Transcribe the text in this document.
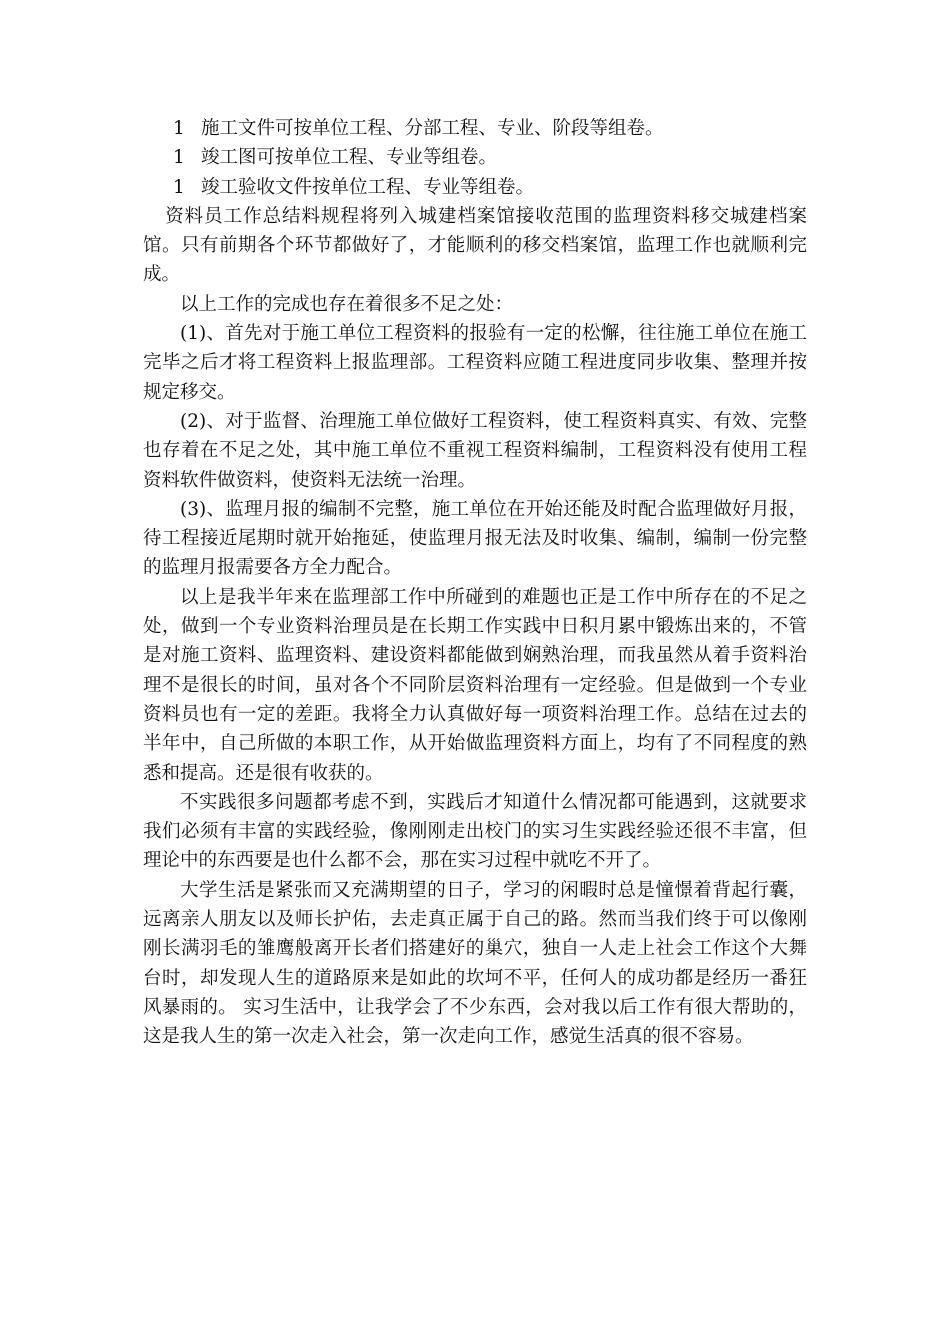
1 施工文件可按单位工程、分部工程、专业、阶段等组卷。

1 竣工图可按单位工程、专业等组卷。

1 竣工验收文件按单位工程、专业等组卷。

资料员工作总结料规程将列入城建档案馆接收范围的监理资料移交城建档案馆。只有前期各个环节都做好了，才能顺利的移交档案馆，监理工作也就顺利完成。

以上工作的完成也存在着很多不足之处：

(1)、首先对于施工单位工程资料的报验有一定的松懈，往往施工单位在施工完毕之后才将工程资料上报监理部。工程资料应随工程进度同步收集、整理并按规定移交。

(2)、对于监督、治理施工单位做好工程资料，使工程资料真实、有效、完整也存着在不足之处，其中施工单位不重视工程资料编制，工程资料没有使用工程资料软件做资料，使资料无法统一治理。

(3)、监理月报的编制不完整，施工单位在开始还能及时配合监理做好月报，待工程接近尾期时就开始拖延，使监理月报无法及时收集、编制，编制一份完整的监理月报需要各方全力配合。

以上是我半年来在监理部工作中所碰到的难题也正是工作中所存在的不足之处，做到一个专业资料治理员是在长期工作实践中日积月累中锻炼出来的，不管是对施工资料、监理资料、建设资料都能做到娴熟治理，而我虽然从着手资料治理不是很长的时间，虽对各个不同阶层资料治理有一定经验。但是做到一个专业资料员也有一定的差距。我将全力认真做好每一项资料治理工作。总结在过去的半年中，自己所做的本职工作，从开始做监理资料方面上，均有了不同程度的熟悉和提高。还是很有收获的。

不实践很多问题都考虑不到，实践后才知道什么情况都可能遇到，这就要求我们必须有丰富的实践经验，像刚刚走出校门的实习生实践经验还很不丰富，但理论中的东西要是也什么都不会，那在实习过程中就吃不开了。

大学生活是紧张而又充满期望的日子，学习的闲暇时总是憧憬着背起行囊，远离亲人朋友以及师长护佑，去走真正属于自己的路。然而当我们终于可以像刚刚长满羽毛的雏鹰般离开长者们搭建好的巢穴，独自一人走上社会工作这个大舞台时，却发现人生的道路原来是如此的坎坷不平，任何人的成功都是经历一番狂风暴雨的。 实习生活中，让我学会了不少东西，会对我以后工作有很大帮助的，这是我人生的第一次走入社会，第一次走向工作，感觉生活真的很不容易。
